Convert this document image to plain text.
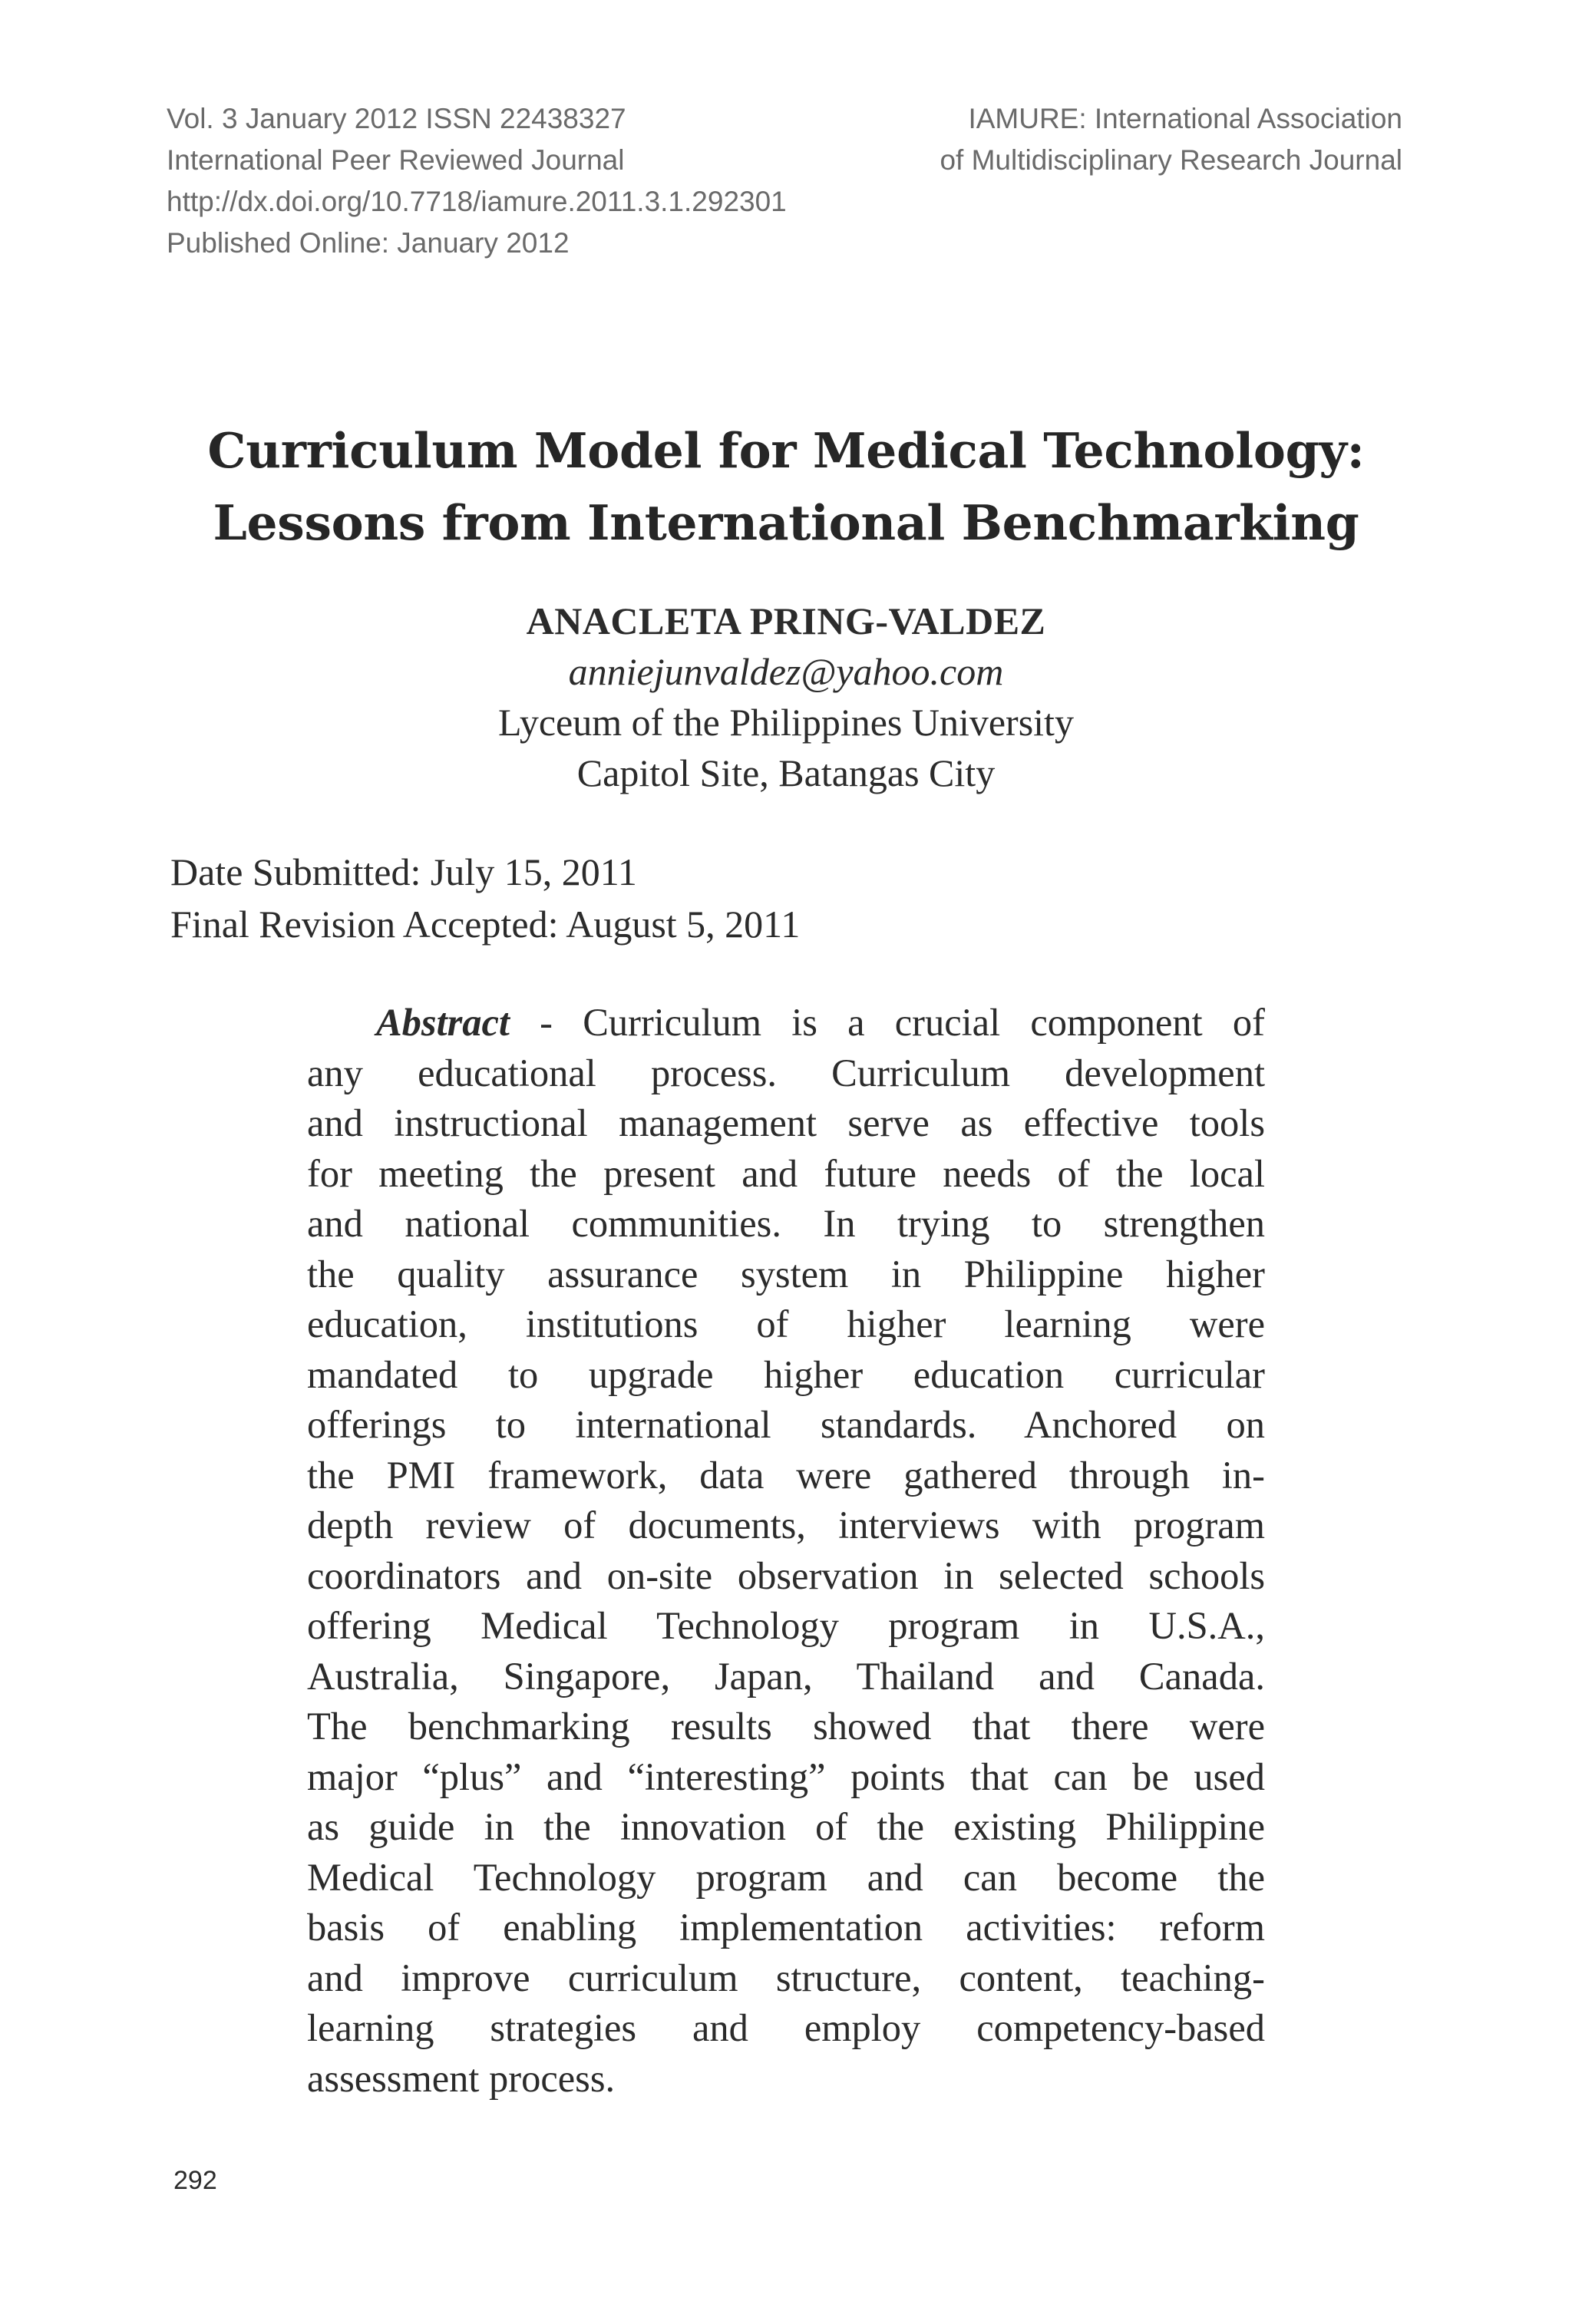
Vol. 3 January 2012 ISSN 22438327
International Peer Reviewed Journal
http://dx.doi.org/10.7718/iamure.2011.3.1.292301
Published Online: January 2012
IAMURE: International Association
of Multidisciplinary Research Journal
Curriculum Model for Medical Technology:
Lessons from International Benchmarking
ANACLETA PRING-VALDEZ
anniejunvaldez@yahoo.com
Lyceum of the Philippines University
Capitol Site, Batangas City
Date Submitted: July 15, 2011
Final Revision Accepted: August 5, 2011
Abstract - Curriculum is a crucial component of
any educational process. Curriculum development
and instructional management serve as effective tools
for meeting the present and future needs of the local
and national communities. In trying to strengthen
the quality assurance system in Philippine higher
education, institutions of higher learning were
mandated to upgrade higher education curricular
offerings to international standards. Anchored on
the PMI framework, data were gathered through in-
depth review of documents, interviews with program
coordinators and on-site observation in selected schools
offering Medical Technology program in U.S.A.,
Australia, Singapore, Japan, Thailand and Canada.
The benchmarking results showed that there were
major “plus” and “interesting” points that can be used
as guide in the innovation of the existing Philippine
Medical Technology program and can become the
basis of enabling implementation activities: reform
and improve curriculum structure, content, teaching-
learning strategies and employ competency-based
assessment process.
292
